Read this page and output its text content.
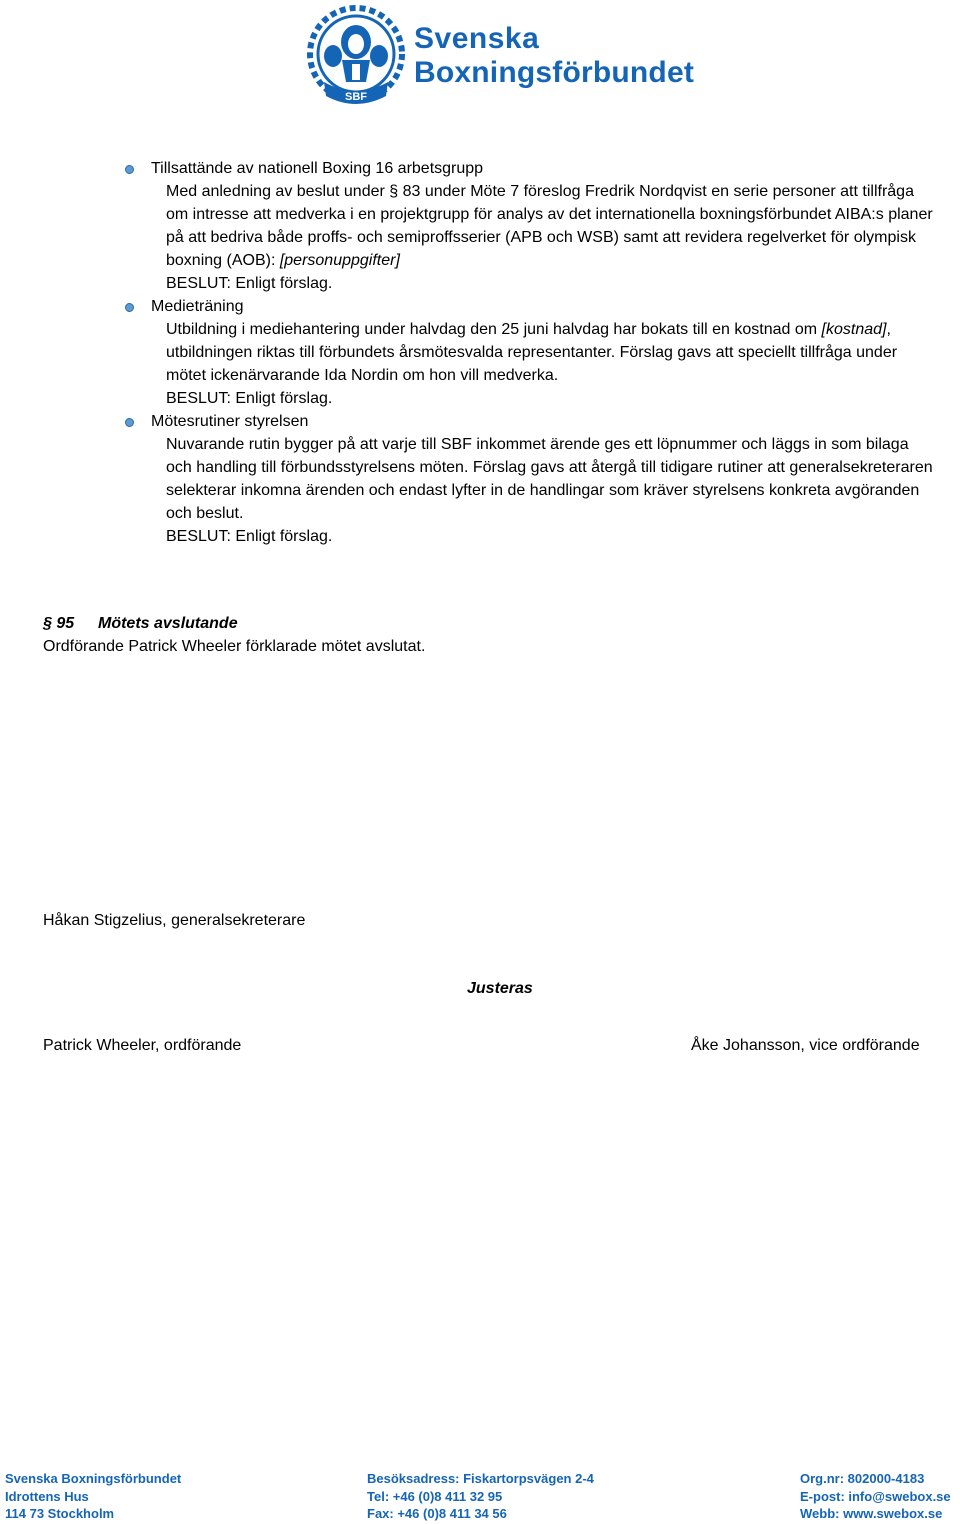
SBF
Svenska
Boxningsförbundet
Tillsattände av nationell Boxing 16 arbetsgrupp
Med anledning av beslut under § 83 under Möte 7 föreslog Fredrik Nordqvist en serie personer att tillfråga om intresse att medverka i en projektgrupp för analys av det internationella boxningsförbundet AIBA:s planer på att bedriva både proffs- och semiproffsserier (APB och WSB) samt att revidera regelverket för olympisk boxning (AOB): [personuppgifter]
BESLUT: Enligt förslag.
Medieträning
Utbildning i mediehantering under halvdag den 25 juni halvdag har bokats till en kostnad om [kostnad], utbildningen riktas till förbundets årsmötesvalda representanter. Förslag gavs att speciellt tillfråga under mötet ickenärvarande Ida Nordin om hon vill medverka.
BESLUT: Enligt förslag.
Mötesrutiner styrelsen
Nuvarande rutin bygger på att varje till SBF inkommet ärende ges ett löpnummer och läggs in som bilaga och handling till förbundsstyrelsens möten. Förslag gavs att återgå till tidigare rutiner att generalsekreteraren selekterar inkomna ärenden och endast lyfter in de handlingar som kräver styrelsens konkreta avgöranden och beslut.
BESLUT: Enligt förslag.
§ 95	Mötets avslutande
Ordförande Patrick Wheeler förklarade mötet avslutat.
Håkan Stigzelius, generalsekreterare
Justeras
Patrick Wheeler, ordförande	Åke Johansson, vice ordförande
Svenska Boxningsförbundet
Idrottens Hus
114 73 Stockholm
Besöksadress: Fiskartorpsvägen 2-4
Tel: +46 (0)8 411 32 95
Fax: +46 (0)8 411 34 56
Org.nr: 802000-4183
E-post: info@swebox.se
Webb: www.swebox.se
